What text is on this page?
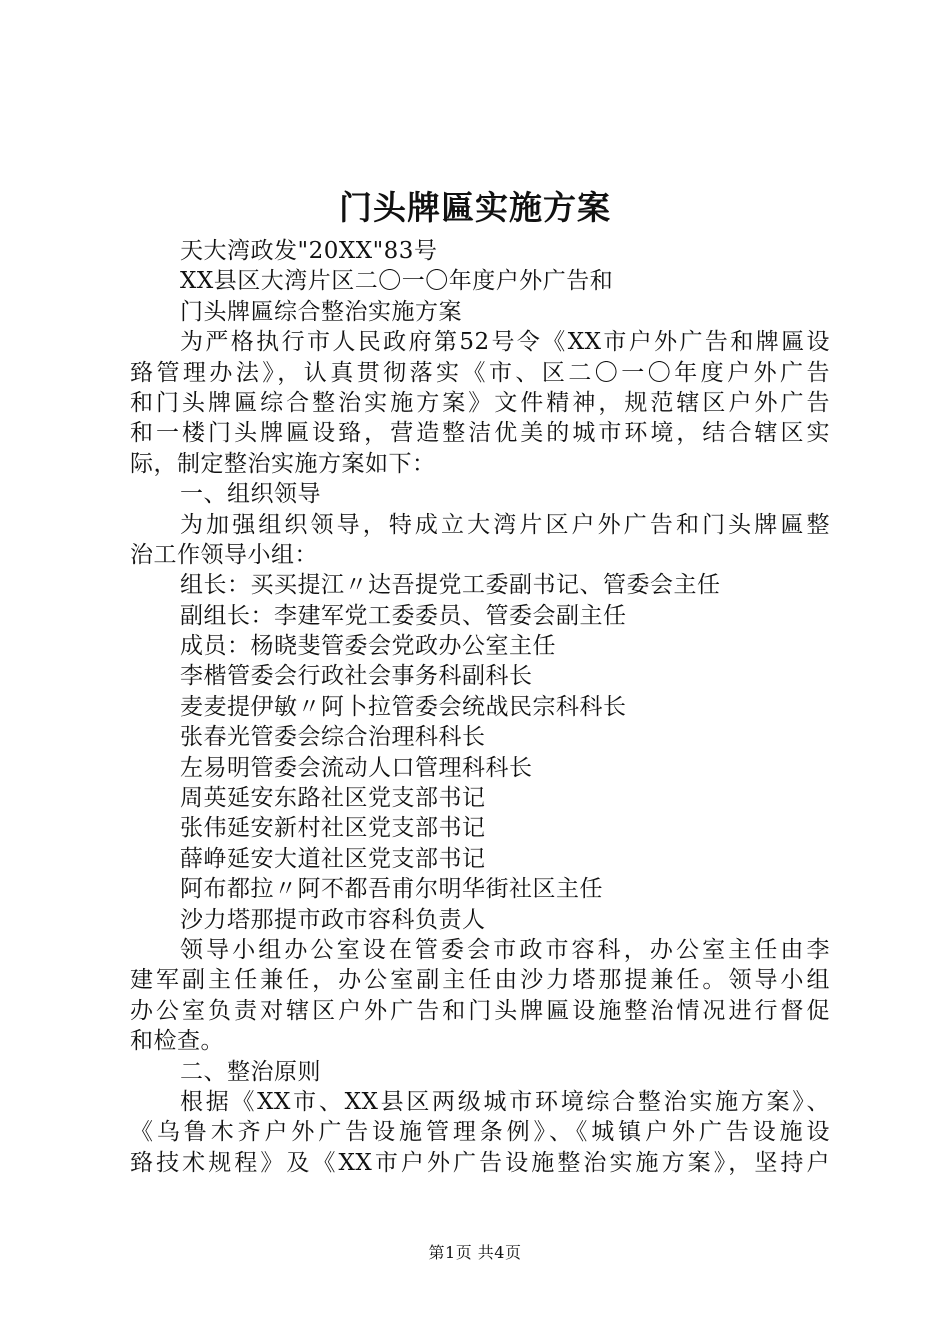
门头牌匾实施方案
天大湾政发"20XX"83号
XX县区大湾片区二〇一〇年度户外广告和
门头牌匾综合整治实施方案
为严格执行市人民政府第52号令《XX市户外广告和牌匾设
臵管理办法》，认真贯彻落实《市、区二〇一〇年度户外广告
和门头牌匾综合整治实施方案》文件精神，规范辖区户外广告
和一楼门头牌匾设臵，营造整洁优美的城市环境，结合辖区实
际，制定整治实施方案如下：
一、组织领导
为加强组织领导，特成立大湾片区户外广告和门头牌匾整
治工作领导小组：
组长：买买提江〃达吾提党工委副书记、管委会主任
副组长：李建军党工委委员、管委会副主任
成员：杨晓斐管委会党政办公室主任
李楷管委会行政社会事务科副科长
麦麦提伊敏〃阿卜拉管委会统战民宗科科长
张春光管委会综合治理科科长
左易明管委会流动人口管理科科长
周英延安东路社区党支部书记
张伟延安新村社区党支部书记
薛峥延安大道社区党支部书记
阿布都拉〃阿不都吾甫尔明华街社区主任
沙力塔那提市政市容科负责人
领导小组办公室设在管委会市政市容科，办公室主任由李
建军副主任兼任，办公室副主任由沙力塔那提兼任。领导小组
办公室负责对辖区户外广告和门头牌匾设施整治情况进行督促
和检查。
二、整治原则
根据《XX市、XX县区两级城市环境综合整治实施方案》、
《乌鲁木齐户外广告设施管理条例》、《城镇户外广告设施设
臵技术规程》及《XX市户外广告设施整治实施方案》，坚持户
第1页 共4页
